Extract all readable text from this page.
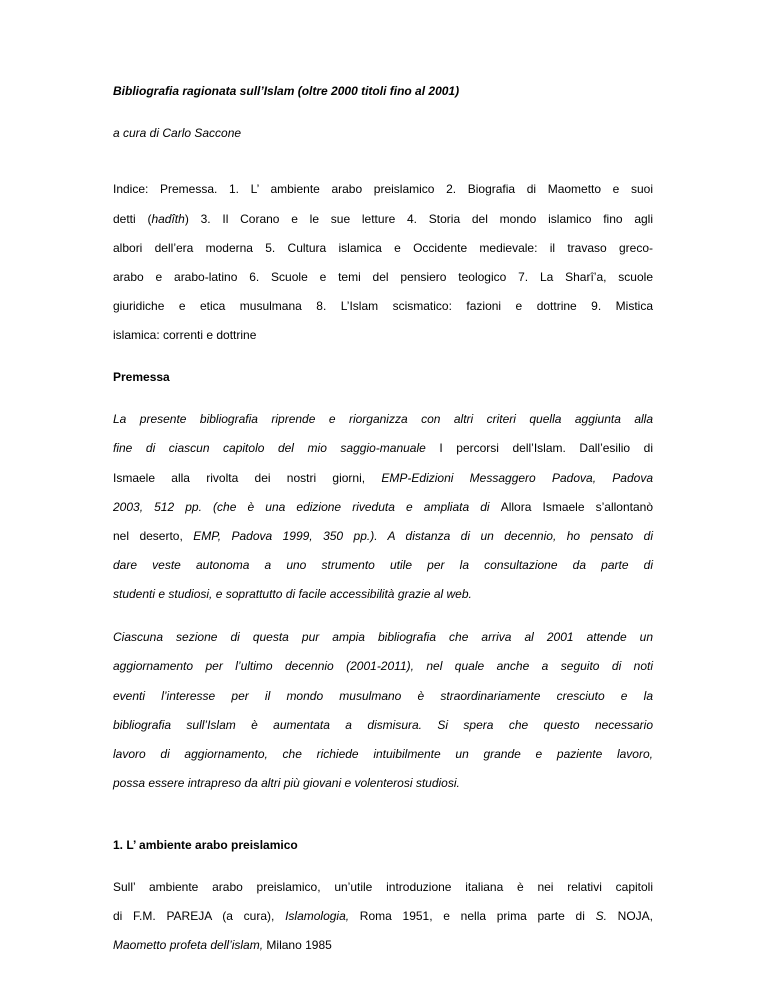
Bibliografia ragionata sull’Islam (oltre 2000 titoli fino al 2001)
a cura di Carlo Saccone
Indice: Premessa. 1. L’ ambiente arabo preislamico 2. Biografia di Maometto e suoi
detti (hadîth) 3. Il Corano e le sue letture 4. Storia del mondo islamico fino agli
albori dell’era moderna 5. Cultura islamica e Occidente medievale: il travaso greco-
arabo e arabo-latino 6. Scuole e temi del pensiero teologico 7. La Sharî’a, scuole
giuridiche e etica musulmana 8. L’Islam scismatico: fazioni e dottrine 9. Mistica
islamica: correnti e dottrine
Premessa
La presente bibliografia riprende e riorganizza con altri criteri quella aggiunta alla
fine di ciascun capitolo del mio saggio-manuale I percorsi dell’Islam. Dall’esilio di
Ismaele alla rivolta dei nostri giorni, EMP-Edizioni Messaggero Padova, Padova
2003, 512 pp. (che è una edizione riveduta e ampliata di Allora Ismaele s’allontanò
nel deserto, EMP, Padova 1999, 350 pp.). A distanza di un decennio, ho pensato di
dare veste autonoma a uno strumento utile per la consultazione da parte di
studenti e studiosi, e soprattutto di facile accessibilità grazie al web.
Ciascuna sezione di questa pur ampia bibliografia che arriva al 2001 attende un
aggiornamento per l’ultimo decennio (2001-2011), nel quale anche a seguito di noti
eventi l’interesse per il mondo musulmano è straordinariamente cresciuto e la
bibliografia sull’Islam è aumentata a dismisura. Si spera che questo necessario
lavoro di aggiornamento, che richiede intuibilmente un grande e paziente lavoro,
possa essere intrapreso da altri più giovani e volenterosi studiosi.
1. L’ ambiente arabo preislamico
Sull’ ambiente arabo preislamico, un’utile introduzione italiana è nei relativi capitoli
di F.M. PAREJA (a cura), Islamologia, Roma 1951, e nella prima parte di S. NOJA,
Maometto profeta dell’islam, Milano 1985
